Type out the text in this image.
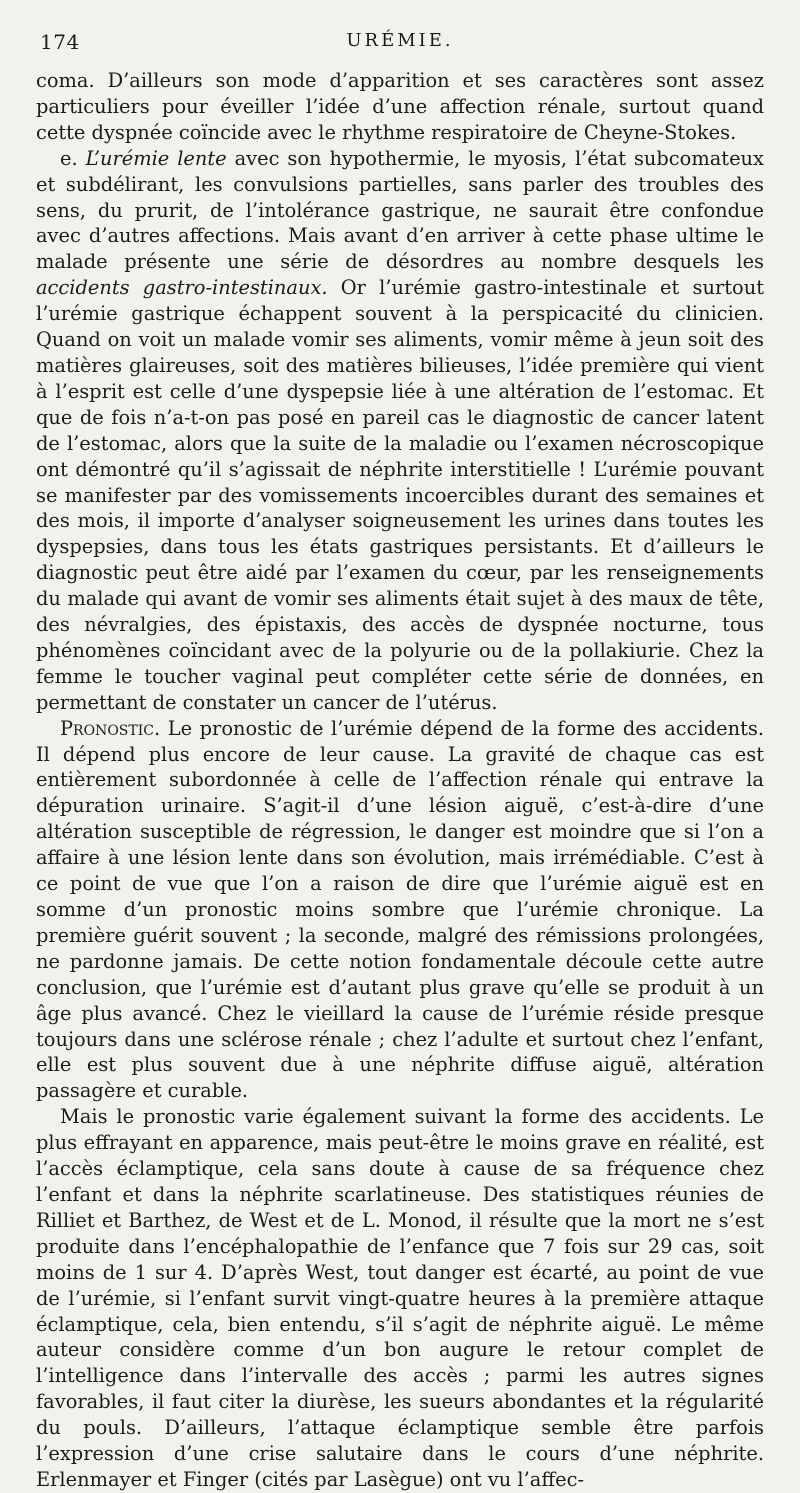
174	URÉMIE.

coma. D’ailleurs son mode d’apparition et ses caractères sont assez particuliers pour éveiller l’idée d’une affection rénale, surtout quand cette dyspnée coïncide avec le rhythme respiratoire de Cheyne-Stokes.

e. L’urémie lente avec son hypothermie, le myosis, l’état subcomateux et subdélirant, les convulsions partielles, sans parler des troubles des sens, du prurit, de l’intolérance gastrique, ne saurait être confondue avec d’autres affections. Mais avant d’en arriver à cette phase ultime le malade présente une série de désordres au nombre desquels les accidents gastro-intestinaux. Or l’urémie gastro-intestinale et surtout l’urémie gastrique échappent souvent à la perspicacité du clinicien. Quand on voit un malade vomir ses aliments, vomir même à jeun soit des matières glaireuses, soit des matières bilieuses, l’idée première qui vient à l’esprit est celle d’une dyspepsie liée à une altération de l’estomac. Et que de fois n’a-t-on pas posé en pareil cas le diagnostic de cancer latent de l’estomac, alors que la suite de la maladie ou l’examen nécroscopique ont démontré qu’il s’agissait de néphrite interstitielle ! L’urémie pouvant se manifester par des vomissements incoercibles durant des semaines et des mois, il importe d’analyser soigneusement les urines dans toutes les dyspepsies, dans tous les états gastriques persistants. Et d’ailleurs le diagnostic peut être aidé par l’examen du cœur, par les renseignements du malade qui avant de vomir ses aliments était sujet à des maux de tête, des névralgies, des épistaxis, des accès de dyspnée nocturne, tous phénomènes coïncidant avec de la polyurie ou de la pollakiurie. Chez la femme le toucher vaginal peut compléter cette série de données, en permettant de constater un cancer de l’utérus.

Pronostic. Le pronostic de l’urémie dépend de la forme des accidents. Il dépend plus encore de leur cause. La gravité de chaque cas est entièrement subordonnée à celle de l’affection rénale qui entrave la dépuration urinaire. S’agit-il d’une lésion aiguë, c’est-à-dire d’une altération susceptible de régression, le danger est moindre que si l’on a affaire à une lésion lente dans son évolution, mais irrémédiable. C’est à ce point de vue que l’on a raison de dire que l’urémie aiguë est en somme d’un pronostic moins sombre que l’urémie chronique. La première guérit souvent ; la seconde, malgré des rémissions prolongées, ne pardonne jamais. De cette notion fondamentale découle cette autre conclusion, que l’urémie est d’autant plus grave qu’elle se produit à un âge plus avancé. Chez le vieillard la cause de l’urémie réside presque toujours dans une sclérose rénale ; chez l’adulte et surtout chez l’enfant, elle est plus souvent due à une néphrite diffuse aiguë, altération passagère et curable.

Mais le pronostic varie également suivant la forme des accidents. Le plus effrayant en apparence, mais peut-être le moins grave en réalité, est l’accès éclamptique, cela sans doute à cause de sa fréquence chez l’enfant et dans la néphrite scarlatineuse. Des statistiques réunies de Rilliet et Barthez, de West et de L. Monod, il résulte que la mort ne s’est produite dans l’encéphalopathie de l’enfance que 7 fois sur 29 cas, soit moins de 1 sur 4. D’après West, tout danger est écarté, au point de vue de l’urémie, si l’enfant survit vingt-quatre heures à la première attaque éclamptique, cela, bien entendu, s’il s’agit de néphrite aiguë. Le même auteur considère comme d’un bon augure le retour complet de l’intelligence dans l’intervalle des accès ; parmi les autres signes favorables, il faut citer la diurèse, les sueurs abondantes et la régularité du pouls. D’ailleurs, l’attaque éclamptique semble être parfois l’expression d’une crise salutaire dans le cours d’une néphrite. Erlenmayer et Finger (cités par Lasègue) ont vu l’affec-
